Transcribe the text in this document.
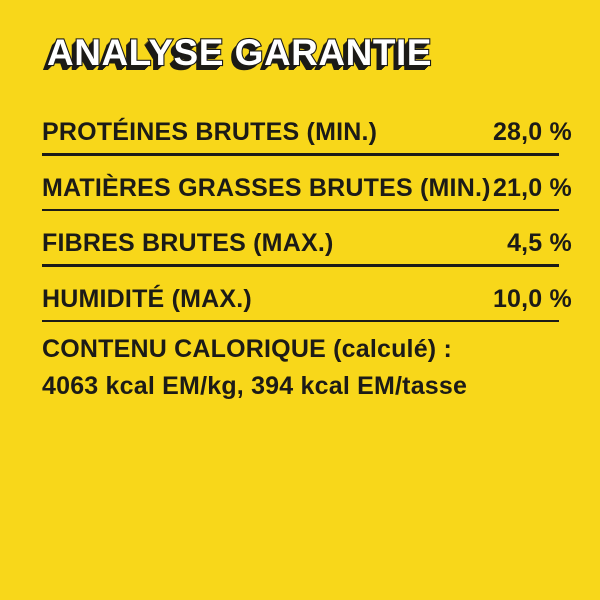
ANALYSE GARANTIE
PROTÉINES BRUTES (MIN.)	28,0 %
MATIÈRES GRASSES BRUTES (MIN.) 21,0 %
FIBRES BRUTES (MAX.)	4,5 %
HUMIDITÉ (MAX.)	10,0 %
CONTENU CALORIQUE (calculé) :
4063 kcal EM/kg, 394 kcal EM/tasse
